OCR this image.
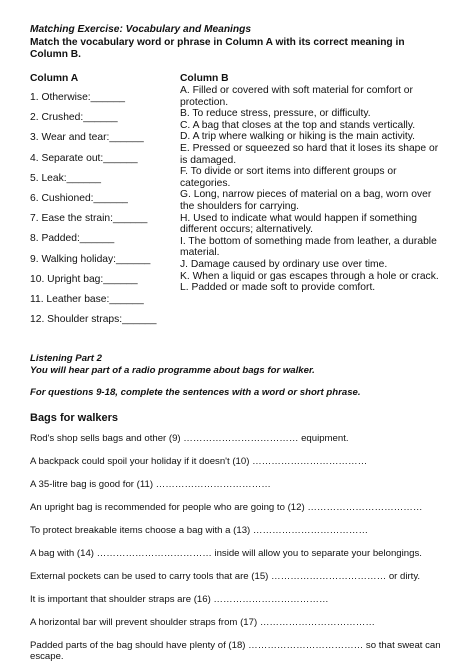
Matching Exercise: Vocabulary and Meanings
Match the vocabulary word or phrase in Column A with its correct meaning in Column B.
Column A
1. Otherwise:______
2. Crushed:______
3. Wear and tear:______
4. Separate out:______
5. Leak:______
6. Cushioned:______
7. Ease the strain:______
8. Padded:______
9. Walking holiday:______
10. Upright bag:______
11. Leather base:______
12. Shoulder straps:______
Column B
A. Filled or covered with soft material for comfort or protection.
B. To reduce stress, pressure, or difficulty.
C. A bag that closes at the top and stands vertically.
D. A trip where walking or hiking is the main activity.
E. Pressed or squeezed so hard that it loses its shape or is damaged.
F. To divide or sort items into different groups or categories.
G. Long, narrow pieces of material on a bag, worn over the shoulders for carrying.
H. Used to indicate what would happen if something different occurs; alternatively.
I. The bottom of something made from leather, a durable material.
J. Damage caused by ordinary use over time.
K. When a liquid or gas escapes through a hole or crack.
L. Padded or made soft to provide comfort.
Listening Part 2
You will hear part of a radio programme about bags for walker.
For questions 9-18, complete the sentences with a word or short phrase.
Bags for walkers
Rod's shop sells bags and other (9) ……………………………… equipment.
A backpack could spoil your holiday if it doesn't (10) ………………………………
A 35-litre bag is good for (11) ………………………………
An upright bag is recommended for people who are going to (12) ………………………………
To protect breakable items choose a bag with a (13) ………………………………
A bag with (14) ……………………………… inside will allow you to separate your belongings.
External pockets can be used to carry tools that are (15) ……………………………… or dirty.
It is important that shoulder straps are (16) ………………………………
A horizontal bar will prevent shoulder straps from (17) ………………………………
Padded parts of the bag should have plenty of (18) ……………………………… so that sweat can escape.
